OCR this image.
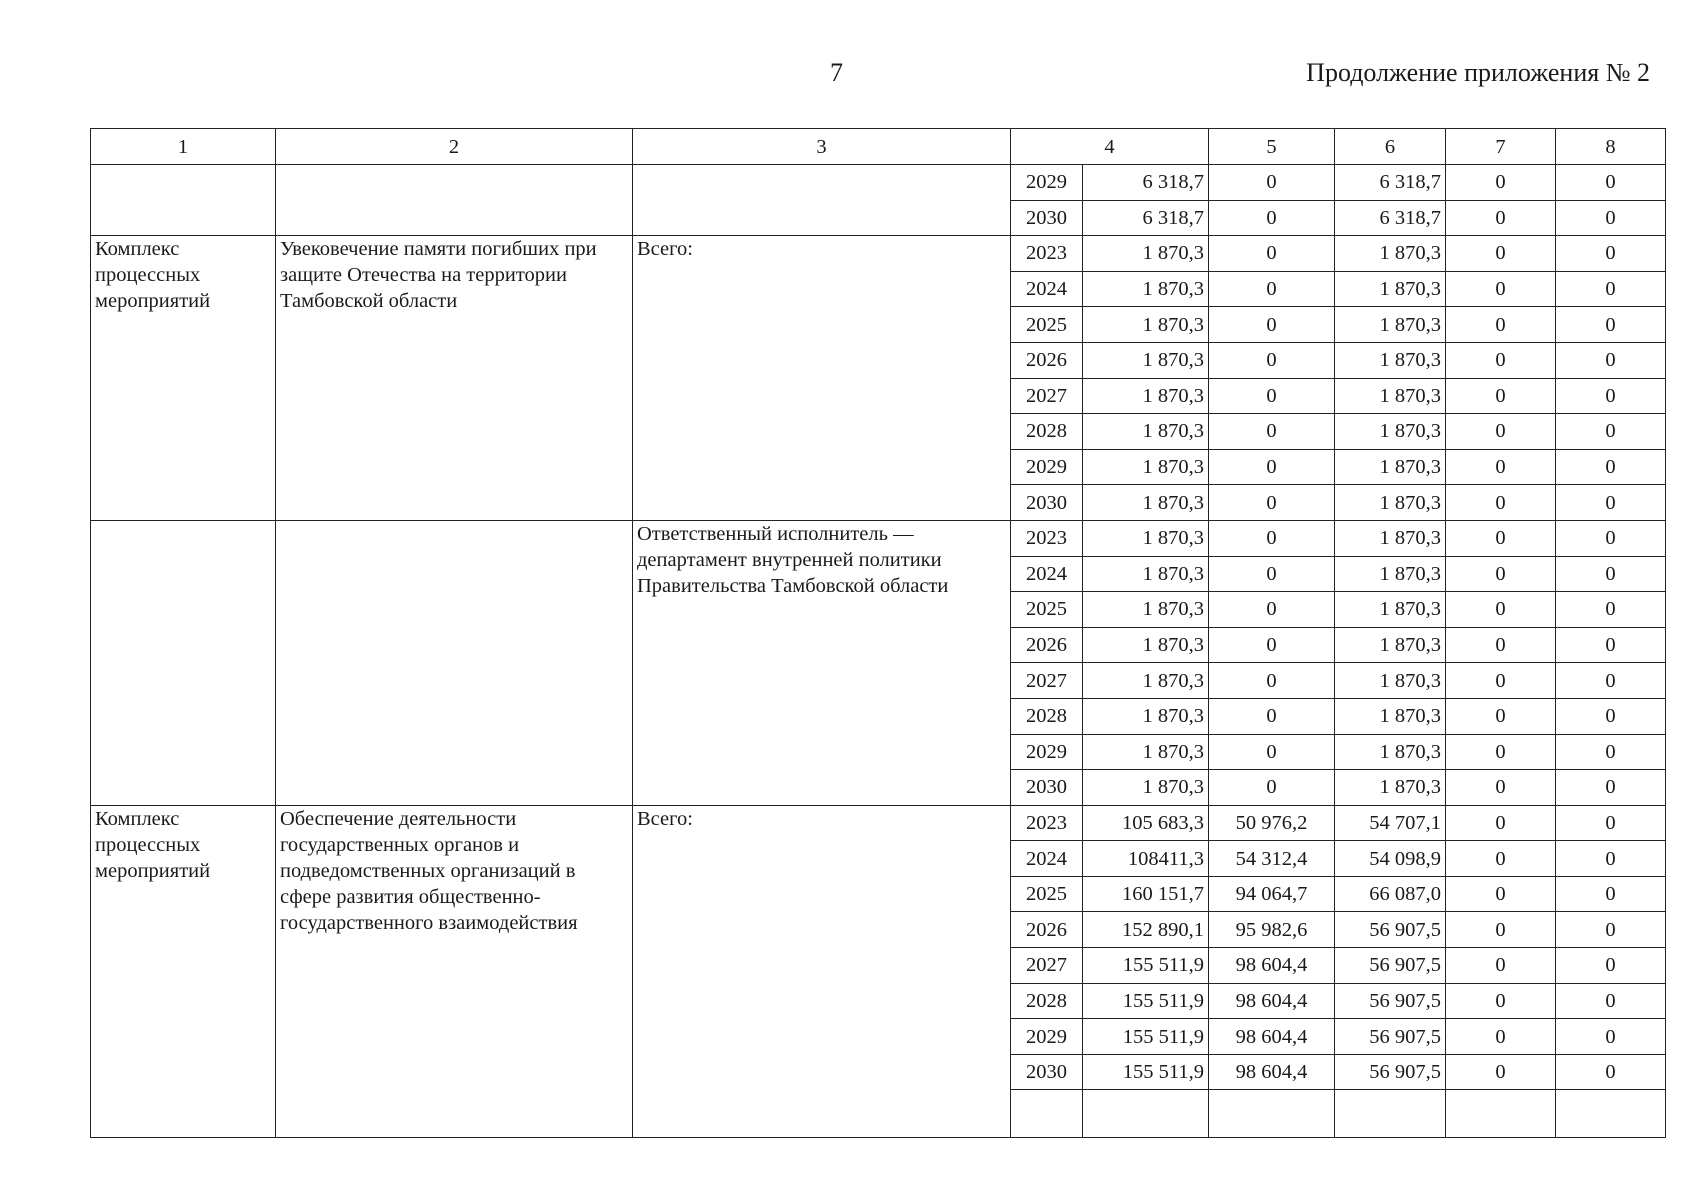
7	Продолжение приложения № 2
1	2	3	4		5	6	7	8
			2029	6 318,7	0	6 318,7	0	0
			2030	6 318,7	0	6 318,7	0	0
Комплекс процессных мероприятий	Увековечение памяти погибших при защите Отечества на территории Тамбовской области	Всего:	2023	1 870,3	0	1 870,3	0	0
			2024	1 870,3	0	1 870,3	0	0
			2025	1 870,3	0	1 870,3	0	0
			2026	1 870,3	0	1 870,3	0	0
			2027	1 870,3	0	1 870,3	0	0
			2028	1 870,3	0	1 870,3	0	0
			2029	1 870,3	0	1 870,3	0	0
			2030	1 870,3	0	1 870,3	0	0
		Ответственный исполнитель — департамент внутренней политики Правительства Тамбовской области	2023	1 870,3	0	1 870,3	0	0
			2024	1 870,3	0	1 870,3	0	0
			2025	1 870,3	0	1 870,3	0	0
			2026	1 870,3	0	1 870,3	0	0
			2027	1 870,3	0	1 870,3	0	0
			2028	1 870,3	0	1 870,3	0	0
			2029	1 870,3	0	1 870,3	0	0
			2030	1 870,3	0	1 870,3	0	0
Комплекс процессных мероприятий	Обеспечение деятельности государственных органов и подведомственных организаций в сфере развития общественно-государственного взаимодействия	Всего:	2023	105 683,3	50 976,2	54 707,1	0	0
			2024	108411,3	54 312,4	54 098,9	0	0
			2025	160 151,7	94 064,7	66 087,0	0	0
			2026	152 890,1	95 982,6	56 907,5	0	0
			2027	155 511,9	98 604,4	56 907,5	0	0
			2028	155 511,9	98 604,4	56 907,5	0	0
			2029	155 511,9	98 604,4	56 907,5	0	0
			2030	155 511,9	98 604,4	56 907,5	0	0
